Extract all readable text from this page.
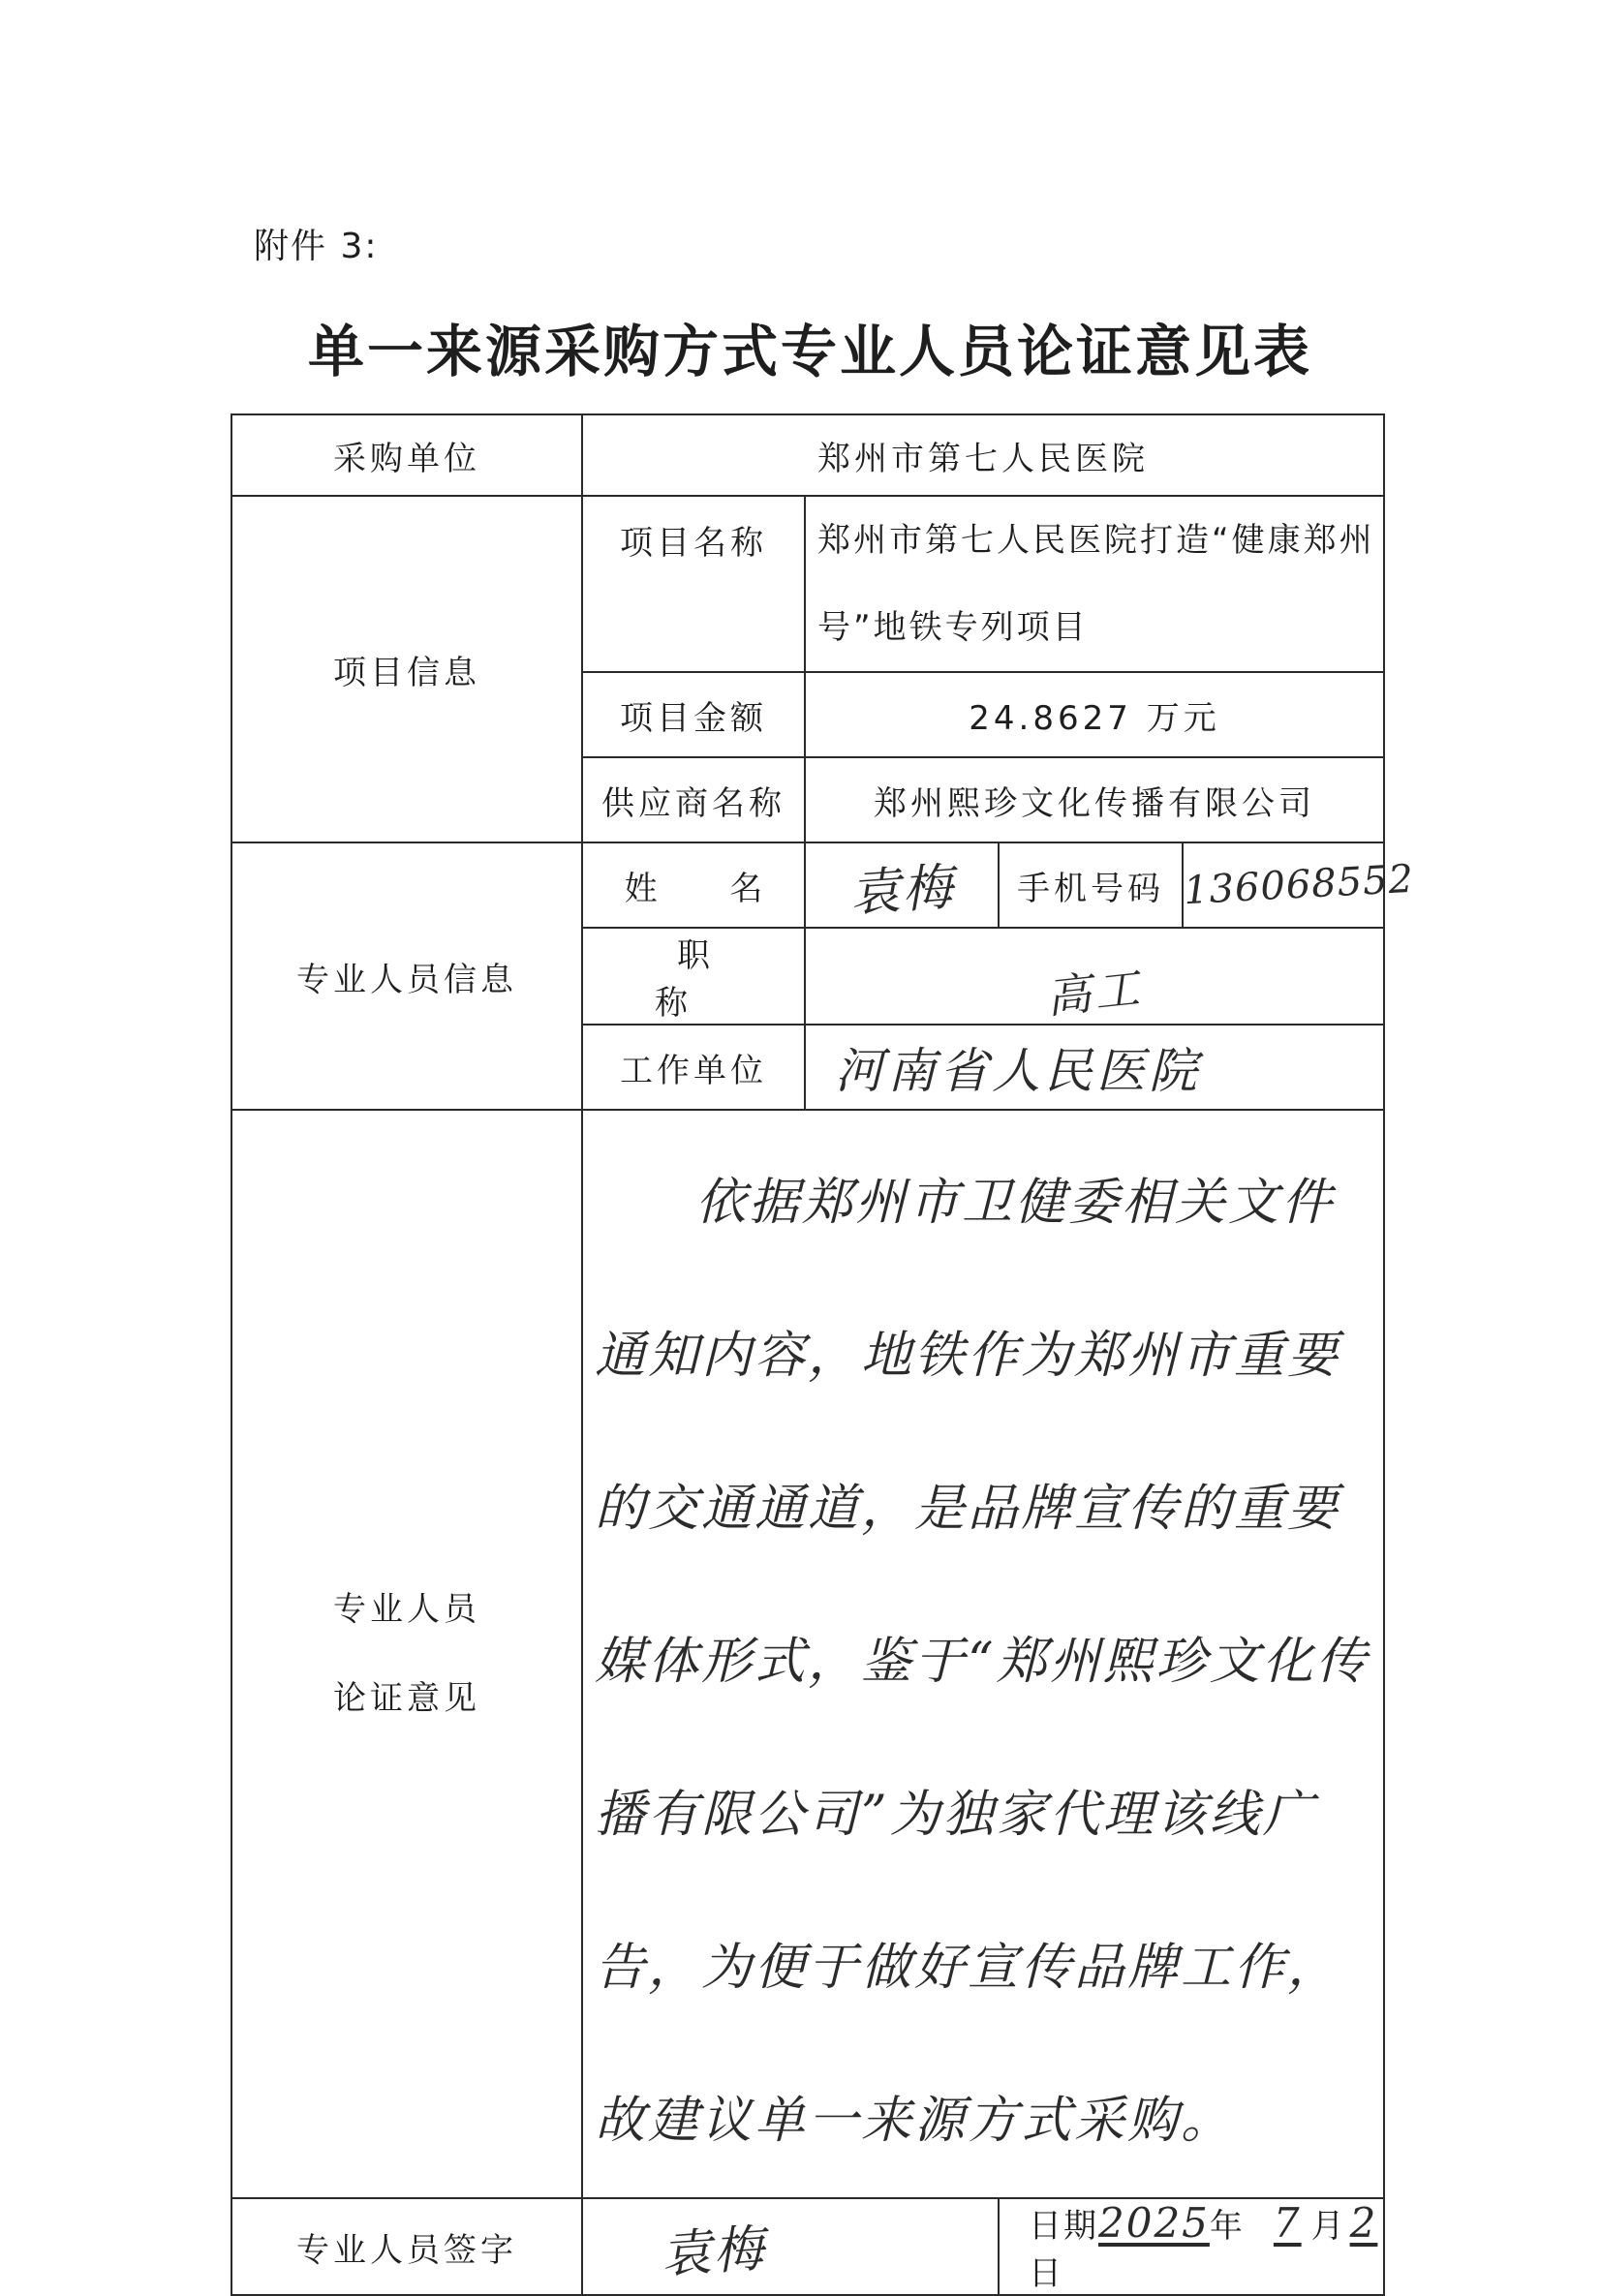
附件 3:
单一来源采购方式专业人员论证意见表
采购单位	郑州市第七人民医院			
项目信息	项目名称	郑州市第七人民医院打造“健康郑州号”地铁专列项目		
	项目金额	24.8627 万元		
	供应商名称	郑州熙珍文化传播有限公司		
专业人员信息	姓 名	袁梅	手机号码	136068552
	职 称	高工		
	工作单位	河南省人民医院		

专业人员
论证意见	依据郑州市卫健委相关文件通知内容，地铁作为郑州市重要的交通通道，是品牌宣传的重要媒体形式，鉴于“郑州熙珍文化传播有限公司”为独家代理该线广告，为便于做好宣传品牌工作，故建议单一来源方式采购。			

专业人员签字	袁梅		日期2025年 7 月2日	
